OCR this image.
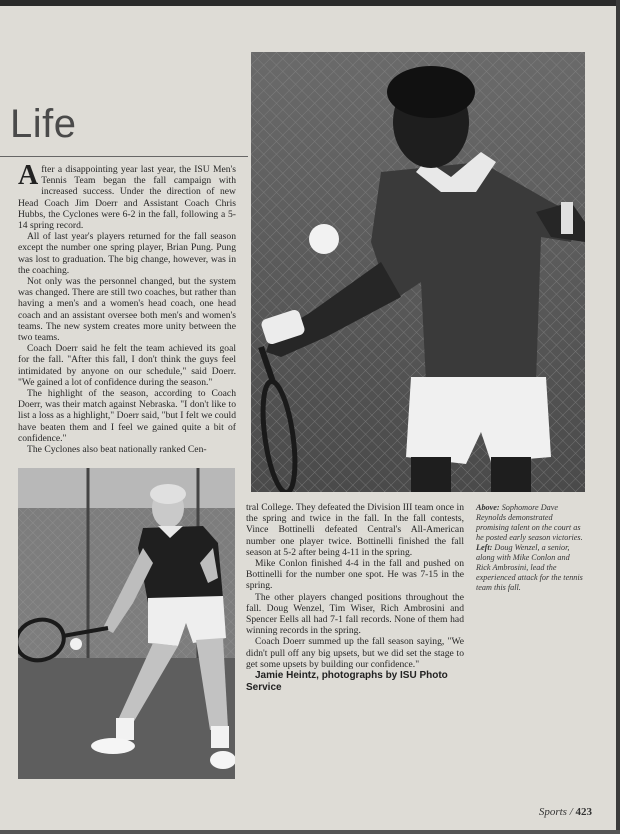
Life

After a disappointing year last year, the ISU Men's Tennis Team began the fall campaign with increased success. Under the direction of new Head Coach Jim Doerr and Assistant Coach Chris Hubbs, the Cyclones were 6-2 in the fall, following a 5-14 spring record.

All of last year's players returned for the fall season except the number one spring player, Brian Pung. Pung was lost to graduation. The big change, however, was in the coaching.

Not only was the personnel changed, but the system was changed. There are still two coaches, but rather than having a men's and a women's head coach, one head coach and an assistant oversee both men's and women's teams. The new system creates more unity between the two teams.

Coach Doerr said he felt the team achieved its goal for the fall. "After this fall, I don't think the guys feel intimidated by anyone on our schedule," said Doerr. "We gained a lot of confidence during the season."

The highlight of the season, according to Coach Doerr, was their match against Nebraska. "I don't like to list a loss as a highlight," Doerr said, "but I felt we could have beaten them and I feel we gained quite a bit of confidence."

The Cyclones also beat nationally ranked Cen-

tral College. They defeated the Division III team once in the spring and twice in the fall. In the fall contests, Vince Bottinelli defeated Central's All-American number one player twice. Bottinelli finished the fall season at 5-2 after being 4-11 in the spring.

Mike Conlon finished 4-4 in the fall and pushed on Bottinelli for the number one spot. He was 7-15 in the spring.

The other players changed positions throughout the fall. Doug Wenzel, Tim Wiser, Rich Ambrosini and Spencer Eells all had 7-1 fall records. None of them had winning records in the spring.

Coach Doerr summed up the fall season saying, "We didn't pull off any big upsets, but we did set the stage to get some upsets by building our confidence."

Jamie Heintz, photographs by ISU Photo Service

Above: Sophomore Dave Reynolds demonstrated promising talent on the court as he posted early season victories. Left: Doug Wenzel, a senior, along with Mike Conlon and Rick Ambrosini, lead the experienced attack for the tennis team this fall.
Sports / 423
